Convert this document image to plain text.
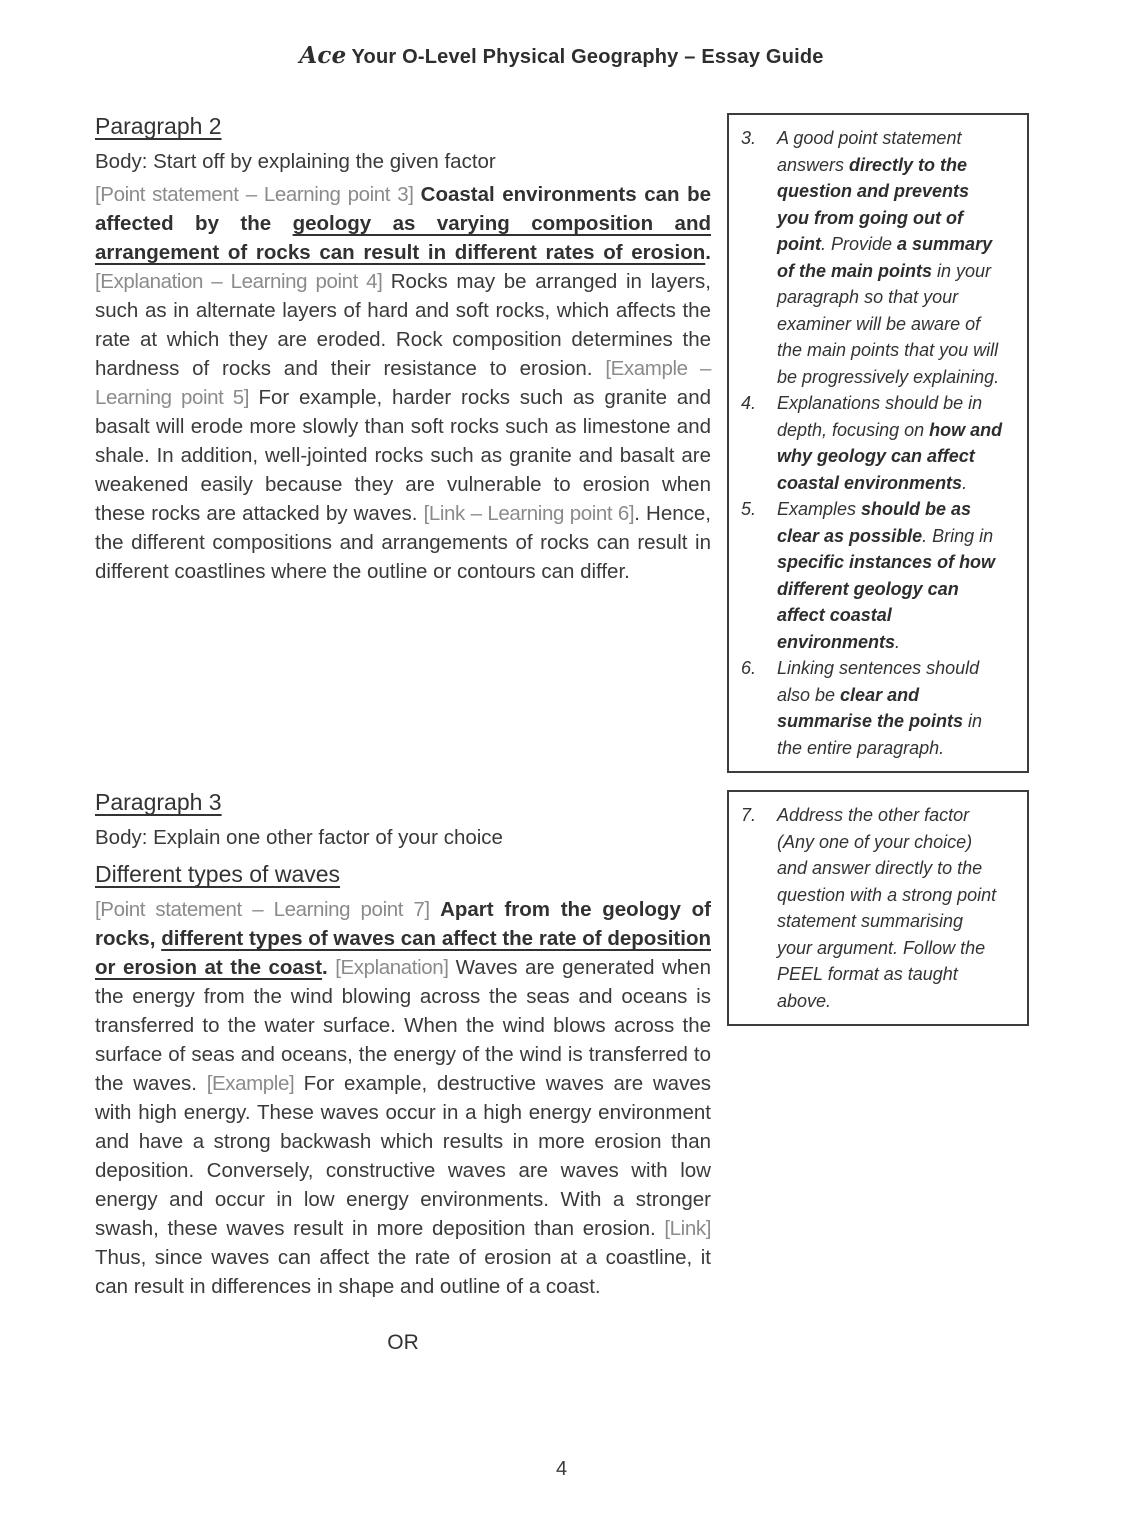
Ace Your O-Level Physical Geography – Essay Guide
Paragraph 2

Body: Start off by explaining the given factor

[Point statement – Learning point 3] Coastal environments can be affected by the geology as varying composition and arrangement of rocks can result in different rates of erosion. [Explanation – Learning point 4] Rocks may be arranged in layers, such as in alternate layers of hard and soft rocks, which affects the rate at which they are eroded. Rock composition determines the hardness of rocks and their resistance to erosion. [Example – Learning point 5] For example, harder rocks such as granite and basalt will erode more slowly than soft rocks such as limestone and shale. In addition, well-jointed rocks such as granite and basalt are weakened easily because they are vulnerable to erosion when these rocks are attacked by waves. [Link – Learning point 6]. Hence, the different compositions and arrangements of rocks can result in different coastlines where the outline or contours can differ.

Paragraph 3

Body: Explain one other factor of your choice

Different types of waves

[Point statement – Learning point 7] Apart from the geology of rocks, different types of waves can affect the rate of deposition or erosion at the coast. [Explanation] Waves are generated when the energy from the wind blowing across the seas and oceans is transferred to the water surface. When the wind blows across the surface of seas and oceans, the energy of the wind is transferred to the waves. [Example] For example, destructive waves are waves with high energy. These waves occur in a high energy environment and have a strong backwash which results in more erosion than deposition. Conversely, constructive waves are waves with low energy and occur in low energy environments. With a stronger swash, these waves result in more deposition than erosion. [Link] Thus, since waves can affect the rate of erosion at a coastline, it can result in differences in shape and outline of a coast.

OR
3.	A good point statement answers directly to the question and prevents you from going out of point. Provide a summary of the main points in your paragraph so that your examiner will be aware of the main points that you will be progressively explaining.
4.	Explanations should be in depth, focusing on how and why geology can affect coastal environments.
5.	Examples should be as clear as possible. Bring in specific instances of how different geology can affect coastal environments.
6.	Linking sentences should also be clear and summarise the points in the entire paragraph.
7.	Address the other factor (Any one of your choice) and answer directly to the question with a strong point statement summarising your argument. Follow the PEEL format as taught above.
4
